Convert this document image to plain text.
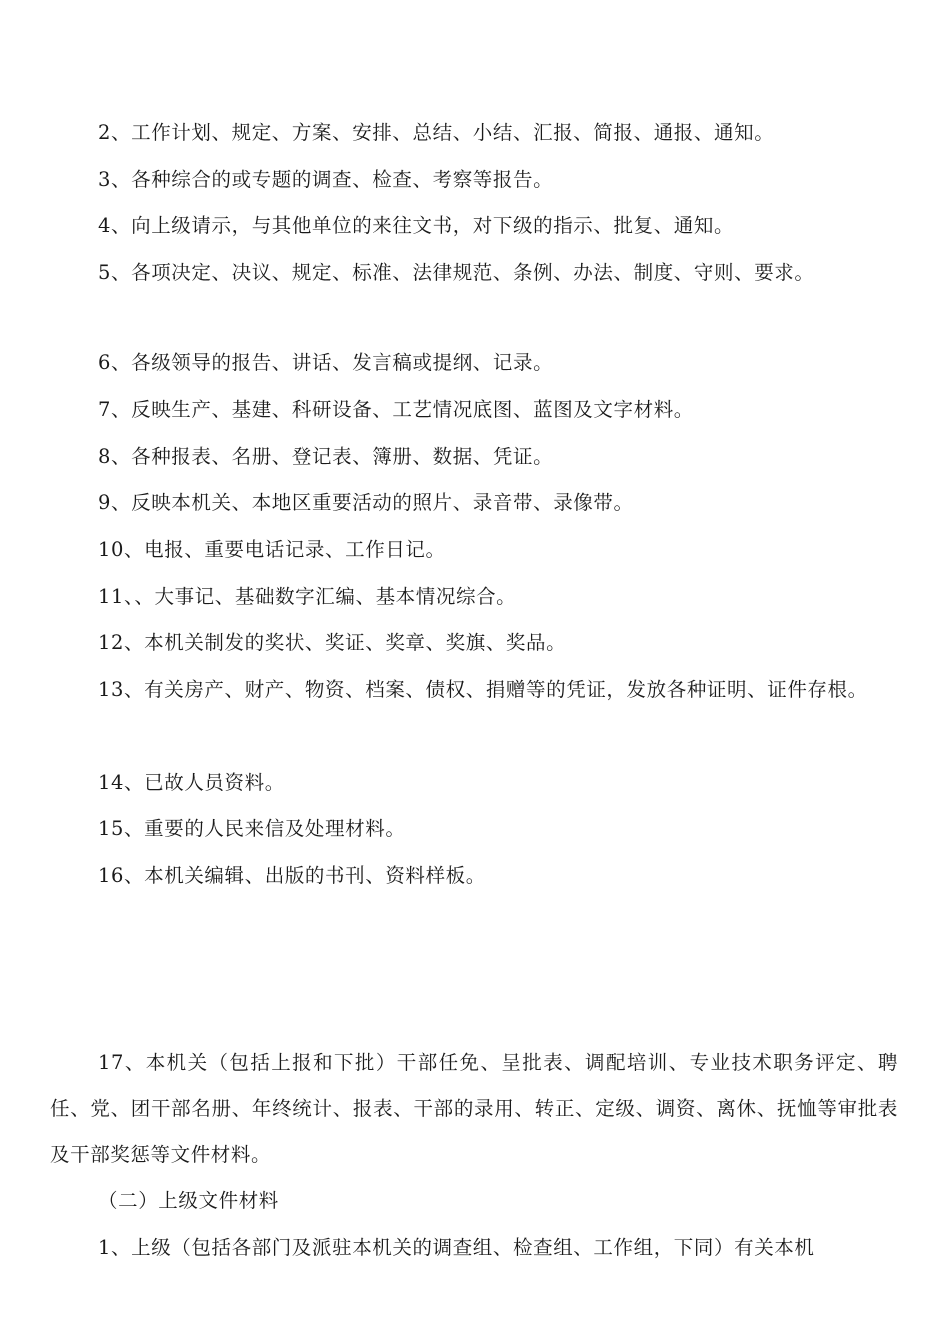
2、工作计划、规定、方案、安排、总结、小结、汇报、简报、通报、通知。

3、各种综合的或专题的调查、检查、考察等报告。

4、向上级请示，与其他单位的来往文书，对下级的指示、批复、通知。

5、各项决定、决议、规定、标准、法律规范、条例、办法、制度、守则、要求。

6、各级领导的报告、讲话、发言稿或提纲、记录。

7、反映生产、基建、科研设备、工艺情况底图、蓝图及文字材料。

8、各种报表、名册、登记表、簿册、数据、凭证。

9、反映本机关、本地区重要活动的照片、录音带、录像带。

10、电报、重要电话记录、工作日记。

11、、大事记、基础数字汇编、基本情况综合。

12、本机关制发的奖状、奖证、奖章、奖旗、奖品。

13、有关房产、财产、物资、档案、债权、捐赠等的凭证，发放各种证明、证件存根。

14、已故人员资料。

15、重要的人民来信及处理材料。

16、本机关编辑、出版的书刊、资料样板。

17、本机关（包括上报和下批）干部任免、呈批表、调配培训、专业技术职务评定、聘任、党、团干部名册、年终统计、报表、干部的录用、转正、定级、调资、离休、抚恤等审批表及干部奖惩等文件材料。

（二）上级文件材料

1、上级（包括各部门及派驻本机关的调查组、检查组、工作组，下同）有关本机
